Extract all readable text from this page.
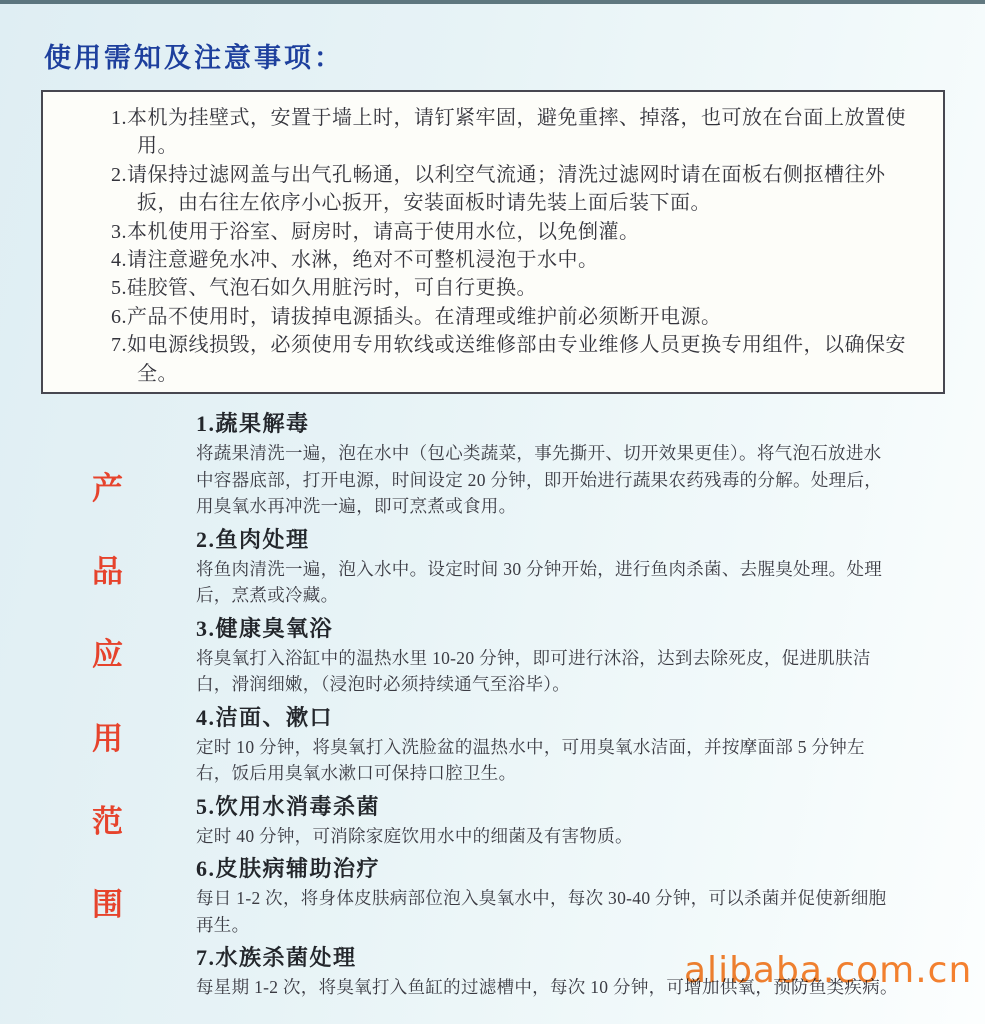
使用需知及注意事项：
1.本机为挂壁式，安置于墙上时，请钉紧牢固，避免重摔、掉落，也可放在台面上放置使用。
2.请保持过滤网盖与出气孔畅通，以利空气流通；清洗过滤网时请在面板右侧抠槽往外扳，由右往左依序小心扳开，安装面板时请先装上面后装下面。
3.本机使用于浴室、厨房时，请高于使用水位，以免倒灌。
4.请注意避免水冲、水淋，绝对不可整机浸泡于水中。
5.硅胶管、气泡石如久用脏污时，可自行更换。
6.产品不使用时，请拔掉电源插头。在清理或维护前必须断开电源。
7.如电源线损毁，必须使用专用软线或送维修部由专业维修人员更换专用组件，以确保安全。
产
品
应
用
范
围
1.蔬果解毒
将蔬果清洗一遍，泡在水中（包心类蔬菜，事先撕开、切开效果更佳）。将气泡石放进水中容器底部，打开电源，时间设定 20 分钟，即开始进行蔬果农药残毒的分解。处理后，用臭氧水再冲洗一遍，即可烹煮或食用。
2.鱼肉处理
将鱼肉清洗一遍，泡入水中。设定时间 30 分钟开始，进行鱼肉杀菌、去腥臭处理。处理后，烹煮或冷藏。
3.健康臭氧浴
将臭氧打入浴缸中的温热水里 10-20 分钟，即可进行沐浴，达到去除死皮，促进肌肤洁白，滑润细嫩，（浸泡时必须持续通气至浴毕）。
4.洁面、漱口
定时 10 分钟，将臭氧打入洗脸盆的温热水中，可用臭氧水洁面，并按摩面部 5 分钟左右，饭后用臭氧水漱口可保持口腔卫生。
5.饮用水消毒杀菌
定时 40 分钟，可消除家庭饮用水中的细菌及有害物质。
6.皮肤病辅助治疗
每日 1-2 次，将身体皮肤病部位泡入臭氧水中，每次 30-40 分钟，可以杀菌并促使新细胞再生。
7.水族杀菌处理
每星期 1-2 次，将臭氧打入鱼缸的过滤槽中，每次 10 分钟，可增加供氧，预防鱼类疾病。
alibaba.com.cn
